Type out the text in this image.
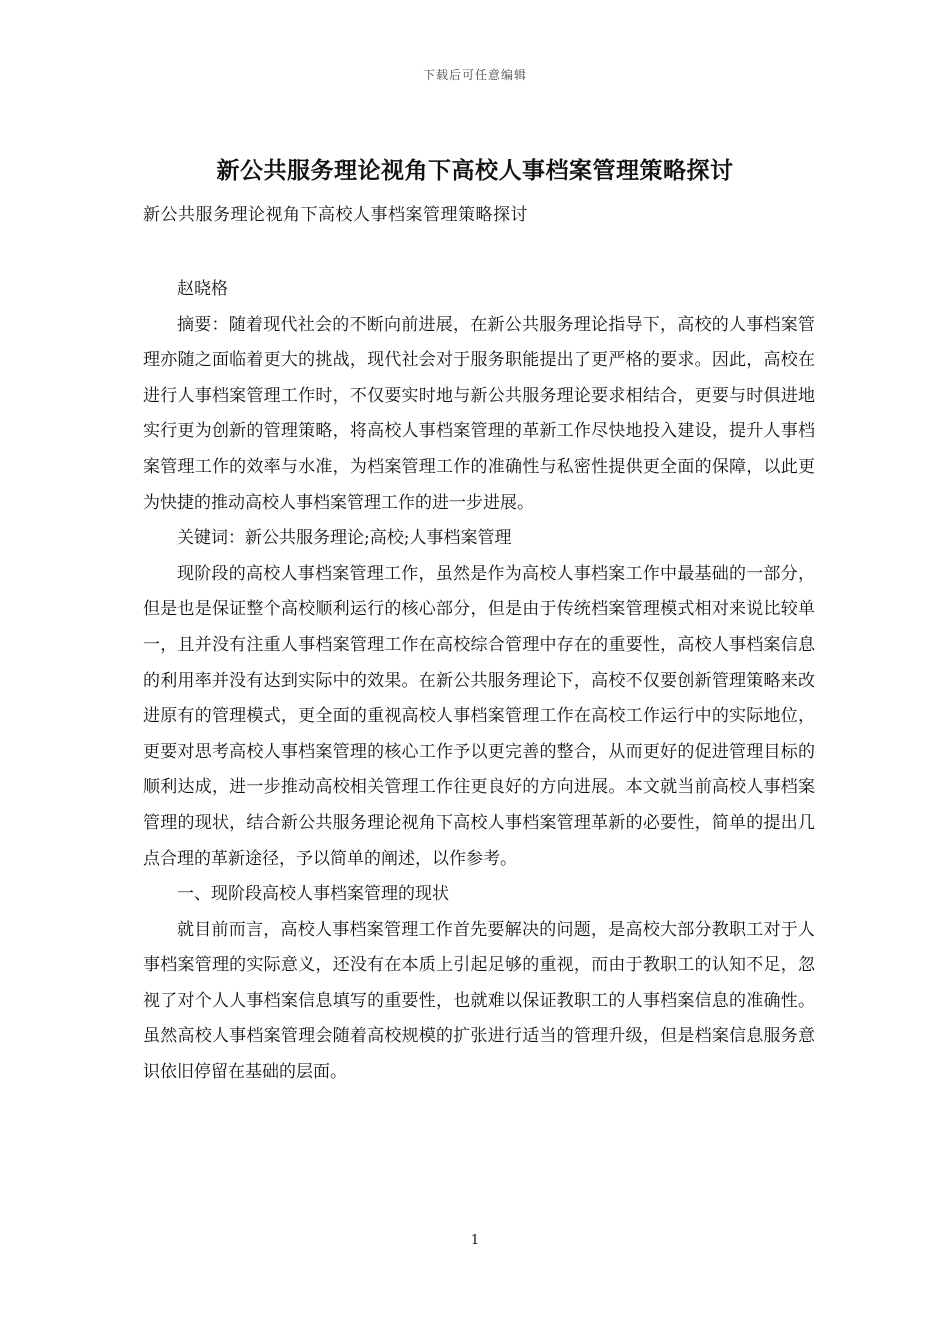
下载后可任意编辑
新公共服务理论视角下高校人事档案管理策略探讨
新公共服务理论视角下高校人事档案管理策略探讨

赵晓格

摘要：随着现代社会的不断向前进展，在新公共服务理论指导下，高校的人事档案管理亦随之面临着更大的挑战，现代社会对于服务职能提出了更严格的要求。因此，高校在进行人事档案管理工作时，不仅要实时地与新公共服务理论要求相结合，更要与时俱进地实行更为创新的管理策略，将高校人事档案管理的革新工作尽快地投入建设，提升人事档案管理工作的效率与水准，为档案管理工作的准确性与私密性提供更全面的保障，以此更为快捷的推动高校人事档案管理工作的进一步进展。

关键词：新公共服务理论;高校;人事档案管理

现阶段的高校人事档案管理工作，虽然是作为高校人事档案工作中最基础的一部分，但是也是保证整个高校顺利运行的核心部分，但是由于传统档案管理模式相对来说比较单一，且并没有注重人事档案管理工作在高校综合管理中存在的重要性，高校人事档案信息的利用率并没有达到实际中的效果。在新公共服务理论下，高校不仅要创新管理策略来改进原有的管理模式，更全面的重视高校人事档案管理工作在高校工作运行中的实际地位，更要对思考高校人事档案管理的核心工作予以更完善的整合，从而更好的促进管理目标的顺利达成，进一步推动高校相关管理工作往更良好的方向进展。本文就当前高校人事档案管理的现状，结合新公共服务理论视角下高校人事档案管理革新的必要性，简单的提出几点合理的革新途径，予以简单的阐述，以作参考。

一、现阶段高校人事档案管理的现状

就目前而言，高校人事档案管理工作首先要解决的问题，是高校大部分教职工对于人事档案管理的实际意义，还没有在本质上引起足够的重视，而由于教职工的认知不足，忽视了对个人人事档案信息填写的重要性，也就难以保证教职工的人事档案信息的准确性。虽然高校人事档案管理会随着高校规模的扩张进行适当的管理升级，但是档案信息服务意识依旧停留在基础的层面。

1
